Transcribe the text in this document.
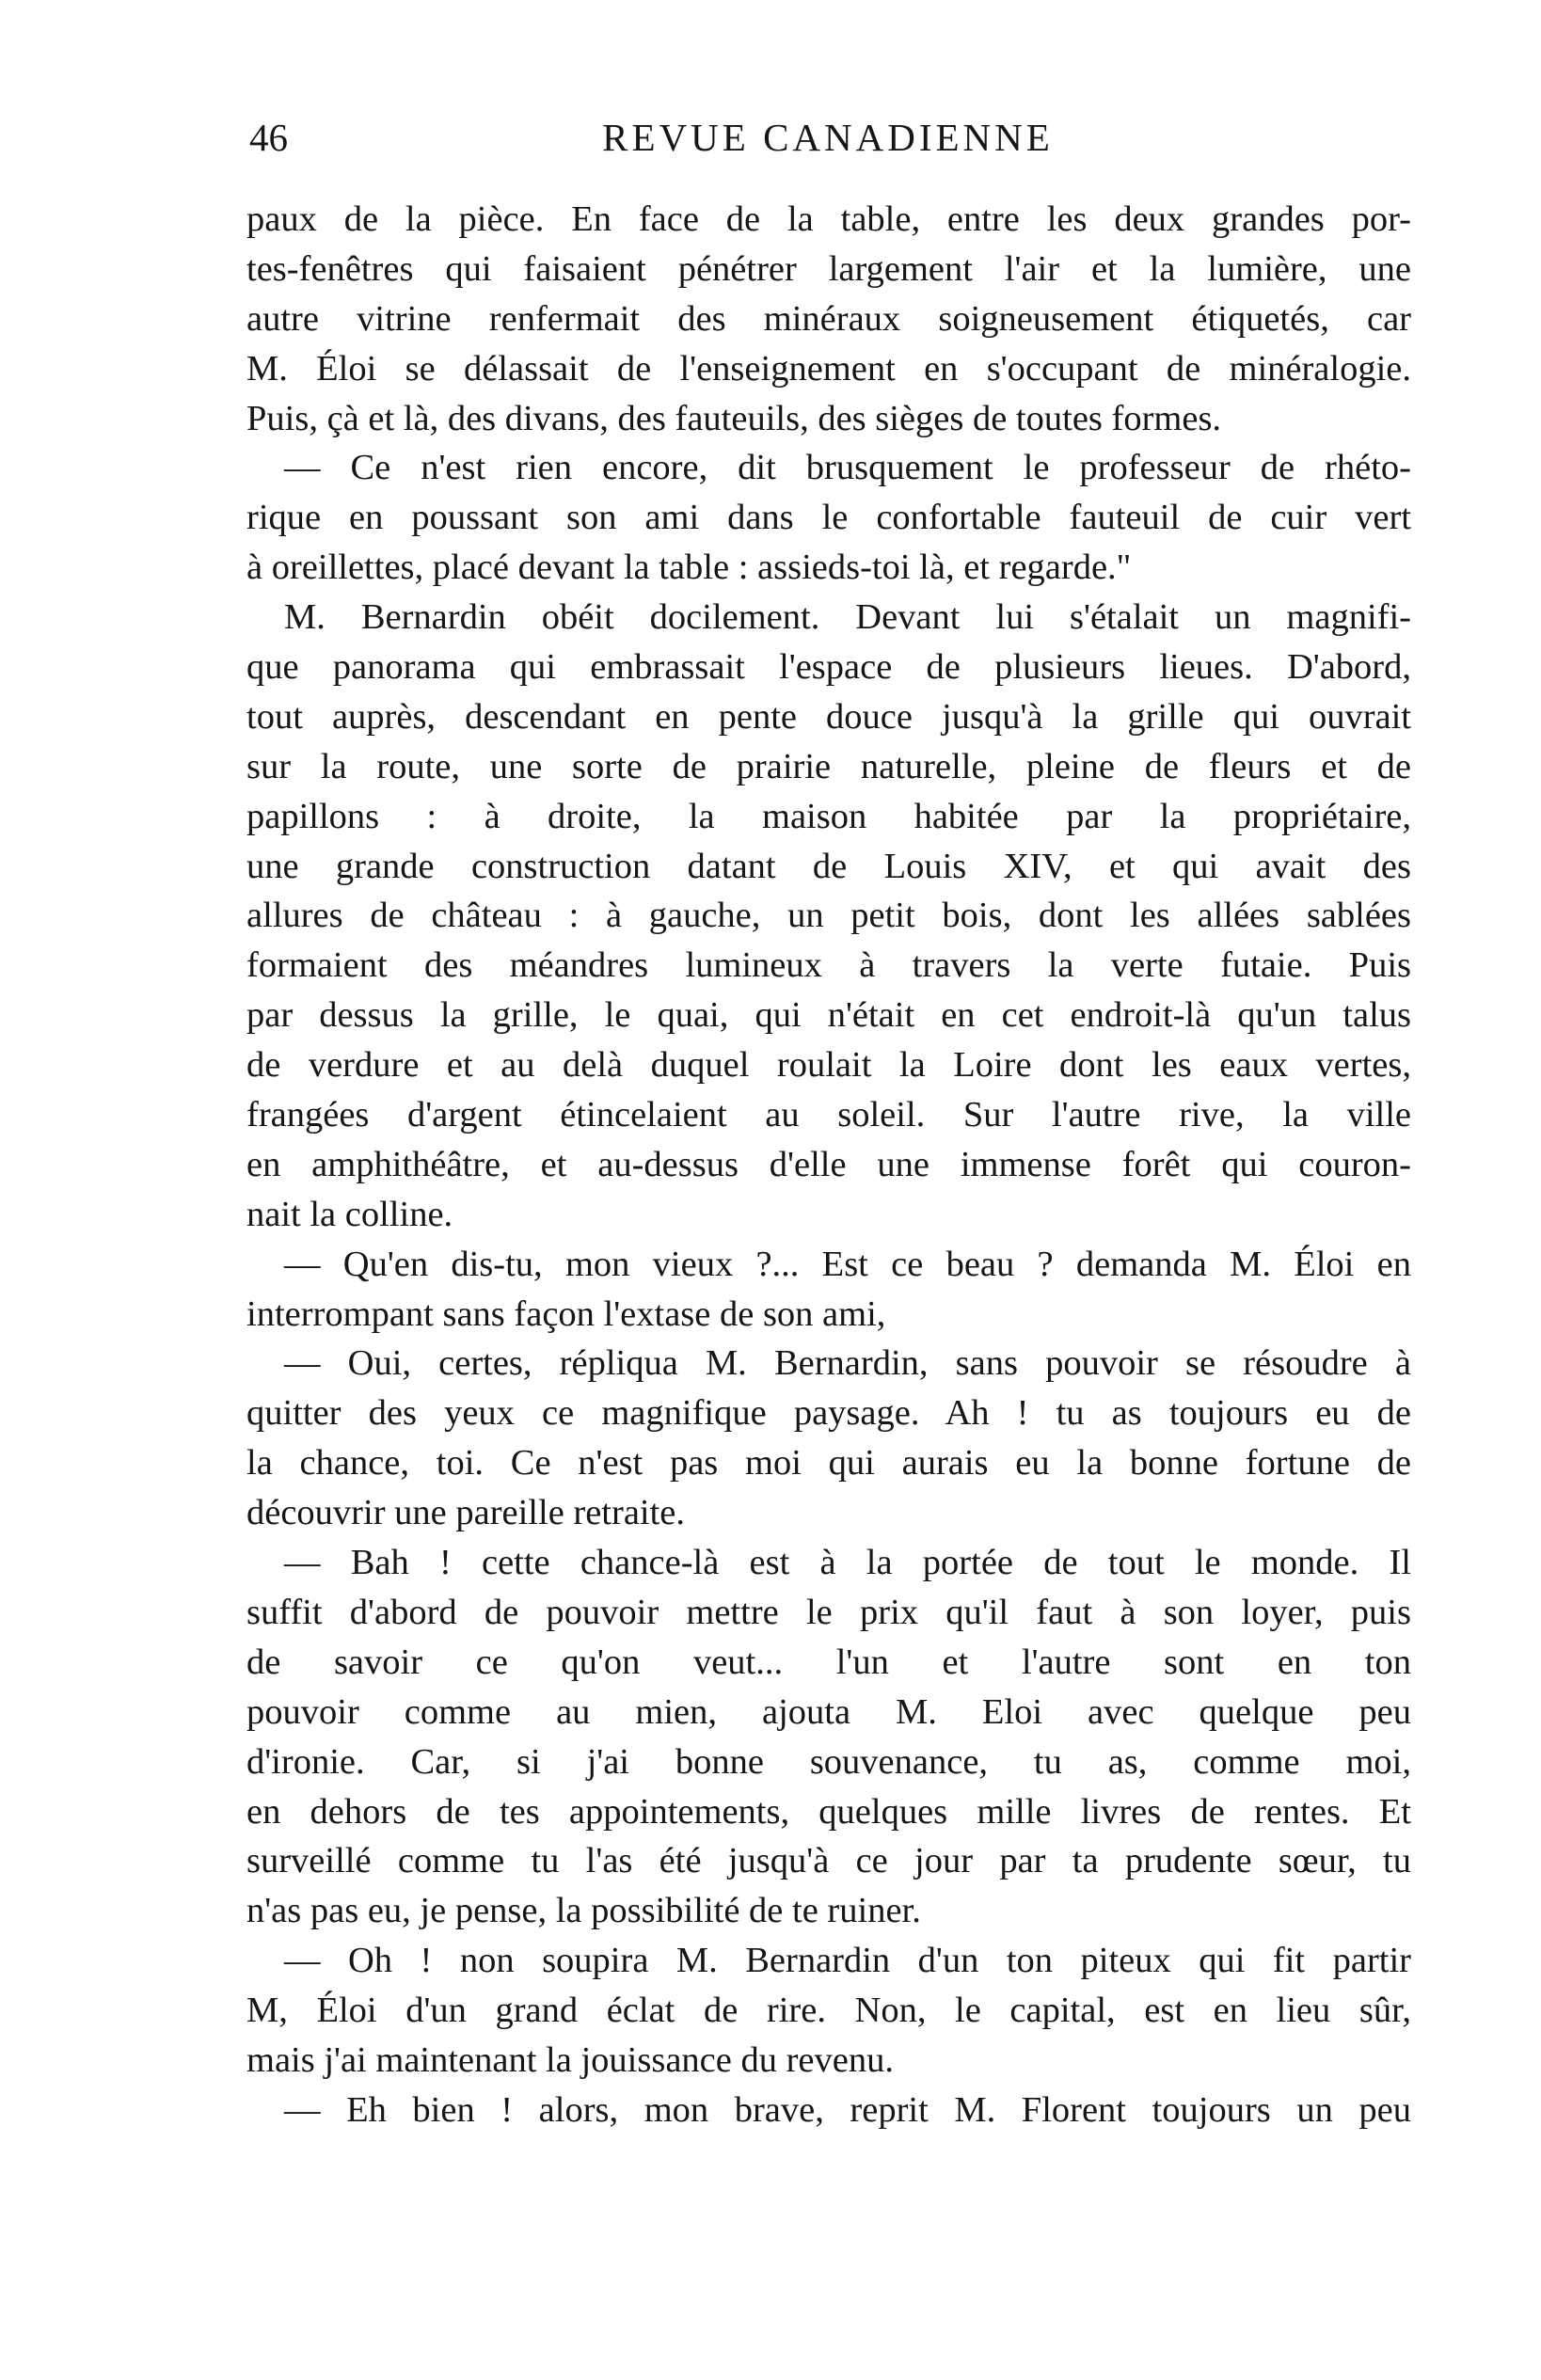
46	REVUE CANADIENNE
paux de la pièce. En face de la table, entre les deux grandes por-
tes-fenêtres qui faisaient pénétrer largement l'air et la lumière, une
autre vitrine renfermait des minéraux soigneusement étiquetés, car
M. Éloi se délassait de l'enseignement en s'occupant de minéralogie.
Puis, çà et là, des divans, des fauteuils, des sièges de toutes formes.
— Ce n'est rien encore, dit brusquement le professeur de rhéto-
rique en poussant son ami dans le confortable fauteuil de cuir vert
à oreillettes, placé devant la table : assieds-toi là, et regarde."
M. Bernardin obéit docilement. Devant lui s'étalait un magnifi-
que panorama qui embrassait l'espace de plusieurs lieues. D'abord,
tout auprès, descendant en pente douce jusqu'à la grille qui ouvrait
sur la route, une sorte de prairie naturelle, pleine de fleurs et de
papillons : à droite, la maison habitée par la propriétaire,
une grande construction datant de Louis XIV, et qui avait des
allures de château : à gauche, un petit bois, dont les allées sablées
formaient des méandres lumineux à travers la verte futaie. Puis
par dessus la grille, le quai, qui n'était en cet endroit-là qu'un talus
de verdure et au delà duquel roulait la Loire dont les eaux vertes,
frangées d'argent étincelaient au soleil. Sur l'autre rive, la ville
en amphithéâtre, et au-dessus d'elle une immense forêt qui couron-
nait la colline.
— Qu'en dis-tu, mon vieux ?... Est ce beau ? demanda M. Éloi en
interrompant sans façon l'extase de son ami,
— Oui, certes, répliqua M. Bernardin, sans pouvoir se résoudre à
quitter des yeux ce magnifique paysage. Ah ! tu as toujours eu de
la chance, toi. Ce n'est pas moi qui aurais eu la bonne fortune de
découvrir une pareille retraite.
— Bah ! cette chance-là est à la portée de tout le monde. Il
suffit d'abord de pouvoir mettre le prix qu'il faut à son loyer, puis
de savoir ce qu'on veut... l'un et l'autre sont en ton
pouvoir comme au mien, ajouta M. Eloi avec quelque peu
d'ironie. Car, si j'ai bonne souvenance, tu as, comme moi,
en dehors de tes appointements, quelques mille livres de rentes. Et
surveillé comme tu l'as été jusqu'à ce jour par ta prudente sœur, tu
n'as pas eu, je pense, la possibilité de te ruiner.
— Oh ! non soupira M. Bernardin d'un ton piteux qui fit partir
M, Éloi d'un grand éclat de rire. Non, le capital, est en lieu sûr,
mais j'ai maintenant la jouissance du revenu.
— Eh bien ! alors, mon brave, reprit M. Florent toujours un peu
